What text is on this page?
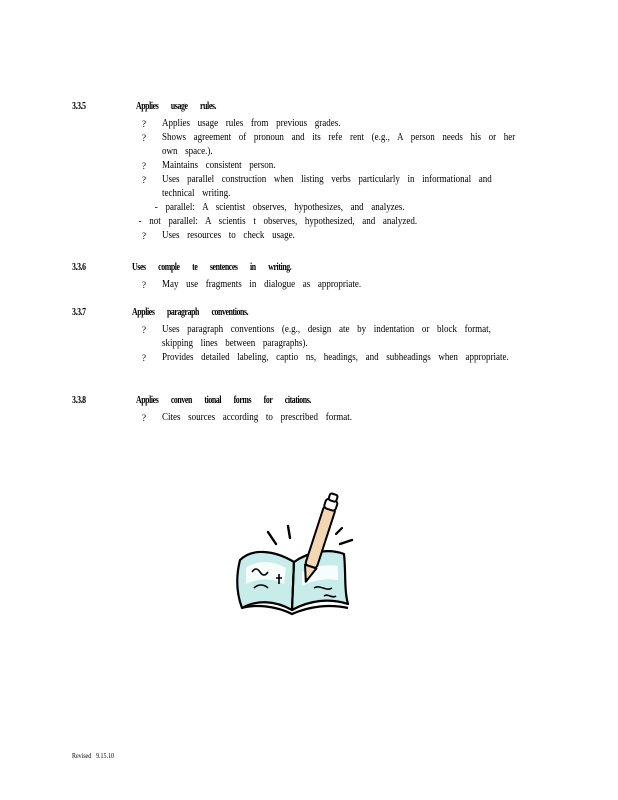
3.3.5	Applies usage rules.
? Applies usage rules from previous grades.
? Shows agreement of pronoun and its refe rent (e.g., A person needs his or her own space.).
? Maintains consistent person.
? Uses parallel construction when listing verbs particularly in informational and technical writing.
- parallel: A scientist observes, hypothesizes, and analyzes.
- not parallel: A scientis t observes, hypothesized, and analyzed.
? Uses resources to check usage.
3.3.6	Uses comple te sentences in writing.
? May use fragments in dialogue as appropriate.
3.3.7	Applies paragraph conventions.
? Uses paragraph conventions (e.g., design ate by indentation or block format, skipping lines between paragraphs).
? Provides detailed labeling, captio ns, headings, and subheadings when appropriate.
3.3.8	Applies conven tional forms for citations.
? Cites sources according to prescribed format.
Revised 9.15.10
